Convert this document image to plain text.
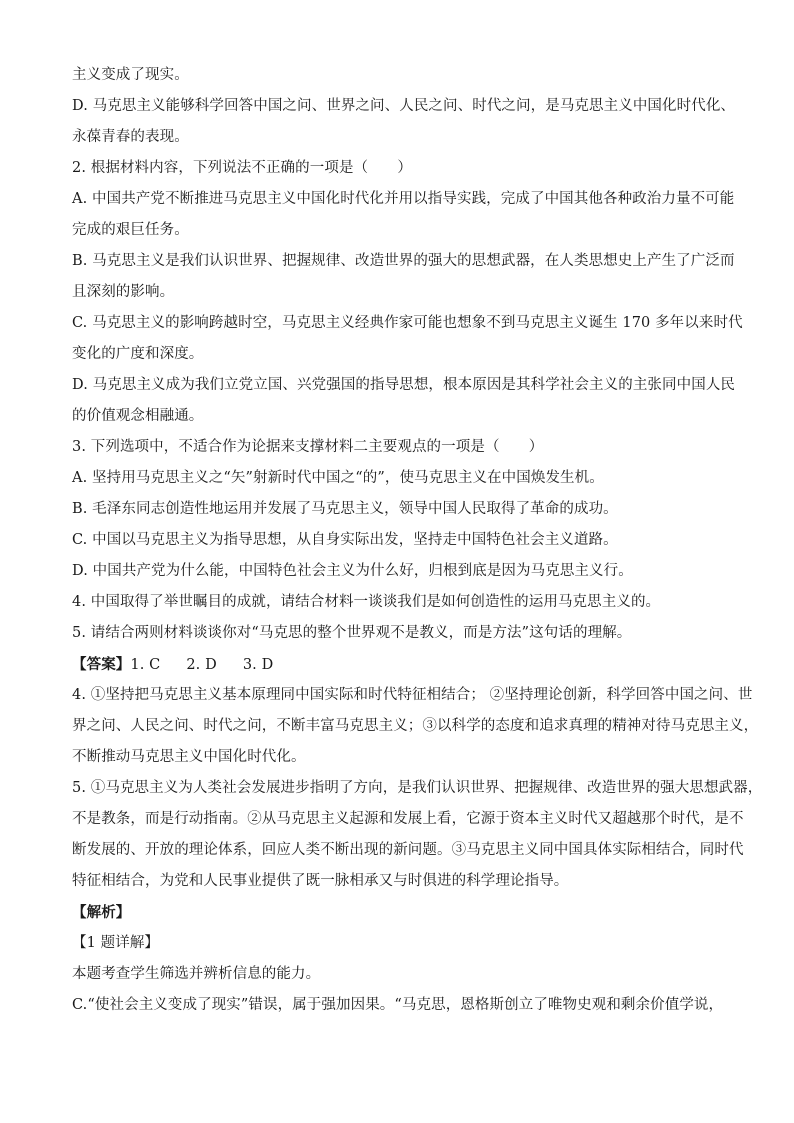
主义变成了现实。
D. 马克思主义能够科学回答中国之问、世界之问、人民之问、时代之问，是马克思主义中国化时代化、
永葆青春的表现。
2. 根据材料内容，下列说法不正确的一项是（　　）
A. 中国共产党不断推进马克思主义中国化时代化并用以指导实践，完成了中国其他各种政治力量不可能
完成的艰巨任务。
B. 马克思主义是我们认识世界、把握规律、改造世界的强大的思想武器，在人类思想史上产生了广泛而
且深刻的影响。
C. 马克思主义的影响跨越时空，马克思主义经典作家可能也想象不到马克思主义诞生 170 多年以来时代
变化的广度和深度。
D. 马克思主义成为我们立党立国、兴党强国的指导思想，根本原因是其科学社会主义的主张同中国人民
的价值观念相融通。
3. 下列选项中，不适合作为论据来支撑材料二主要观点的一项是（　　）
A. 坚持用马克思主义之“矢”射新时代中国之“的”，使马克思主义在中国焕发生机。
B. 毛泽东同志创造性地运用并发展了马克思主义，领导中国人民取得了革命的成功。
C. 中国以马克思主义为指导思想，从自身实际出发，坚持走中国特色社会主义道路。
D. 中国共产党为什么能，中国特色社会主义为什么好，归根到底是因为马克思主义行。
4. 中国取得了举世瞩目的成就，请结合材料一谈谈我们是如何创造性的运用马克思主义的。
5. 请结合两则材料谈谈你对“马克思的整个世界观不是教义，而是方法”这句话的理解。
【答案】1. C 2. D 3. D
4. ①坚持把马克思主义基本原理同中国实际和时代特征相结合； ②坚持理论创新，科学回答中国之问、世
界之问、人民之问、时代之问，不断丰富马克思主义；③以科学的态度和追求真理的精神对待马克思主义，
不断推动马克思主义中国化时代化。
5. ①马克思主义为人类社会发展进步指明了方向，是我们认识世界、把握规律、改造世界的强大思想武器，
不是教条，而是行动指南。②从马克思主义起源和发展上看，它源于资本主义时代又超越那个时代，是不
断发展的、开放的理论体系，回应人类不断出现的新问题。③马克思主义同中国具体实际相结合，同时代
特征相结合，为党和人民事业提供了既一脉相承又与时俱进的科学理论指导。
【解析】
【1 题详解】
本题考查学生筛选并辨析信息的能力。
C.“使社会主义变成了现实”错误，属于强加因果。“马克思，恩格斯创立了唯物史观和剩余价值学说，
